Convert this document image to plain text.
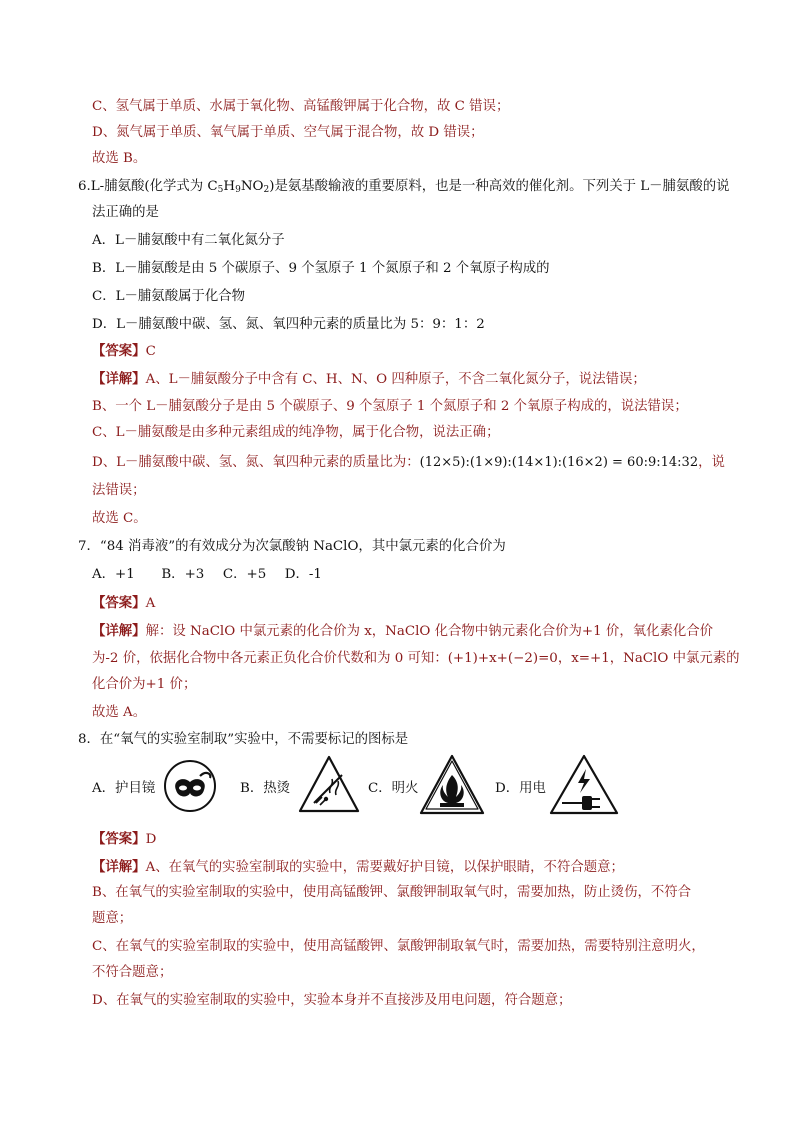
C、氢气属于单质、水属于氧化物、高锰酸钾属于化合物，故 C 错误；
D、氮气属于单质、氧气属于单质、空气属于混合物，故 D 错误；
故选 B。
6.L-脯氨酸(化学式为 $C_5H_9NO_2$)是氨基酸输液的重要原料，也是一种高效的催化剂。下列关于 L－脯氨酸的说
法正确的是
A．L－脯氨酸中有二氧化氮分子
B．L－脯氨酸是由 5 个碳原子、9 个氢原子 1 个氮原子和 2 个氧原子构成的
C．L－脯氨酸属于化合物
D．L－脯氨酸中碳、氢、氮、氧四种元素的质量比为 5：9：1：2
【答案】C
【详解】A、L－脯氨酸分子中含有 C、H、N、O 四种原子，不含二氧化氮分子，说法错误；
B、一个 L－脯氨酸分子是由 5 个碳原子、9 个氢原子 1 个氮原子和 2 个氧原子构成的，说法错误；
C、L－脯氨酸是由多种元素组成的纯净物，属于化合物，说法正确；
D、L－脯氨酸中碳、氢、氮、氧四种元素的质量比为：(12×5):(1×9):(14×1):(16×2) = 60:9:14:32，说
法错误；
故选 C。
7．“84 消毒液”的有效成分为次氯酸钠 NaClO，其中氯元素的化合价为
A．+1 B．+3 C．+5 D．-1
【答案】A
【详解】解：设 NaClO 中氯元素的化合价为 x，NaClO 化合物中钠元素化合价为+1 价，氧化素化合价
为-2 价，依据化合物中各元素正负化合价代数和为 0 可知：(+1)+x+(−2)=0，x=+1，NaClO 中氯元素的
化合价为+1 价；
故选 A。
8．在“氧气的实验室制取”实验中，不需要标记的图标是
A．护目镜	B．热烫	C．明火	D．用电
【答案】D
【详解】A、在氧气的实验室制取的实验中，需要戴好护目镜，以保护眼睛，不符合题意；
B、在氧气的实验室制取的实验中，使用高锰酸钾、氯酸钾制取氧气时，需要加热，防止烫伤，不符合
题意；
C、在氧气的实验室制取的实验中，使用高锰酸钾、氯酸钾制取氧气时，需要加热，需要特别注意明火，
不符合题意；
D、在氧气的实验室制取的实验中，实验本身并不直接涉及用电问题，符合题意；
